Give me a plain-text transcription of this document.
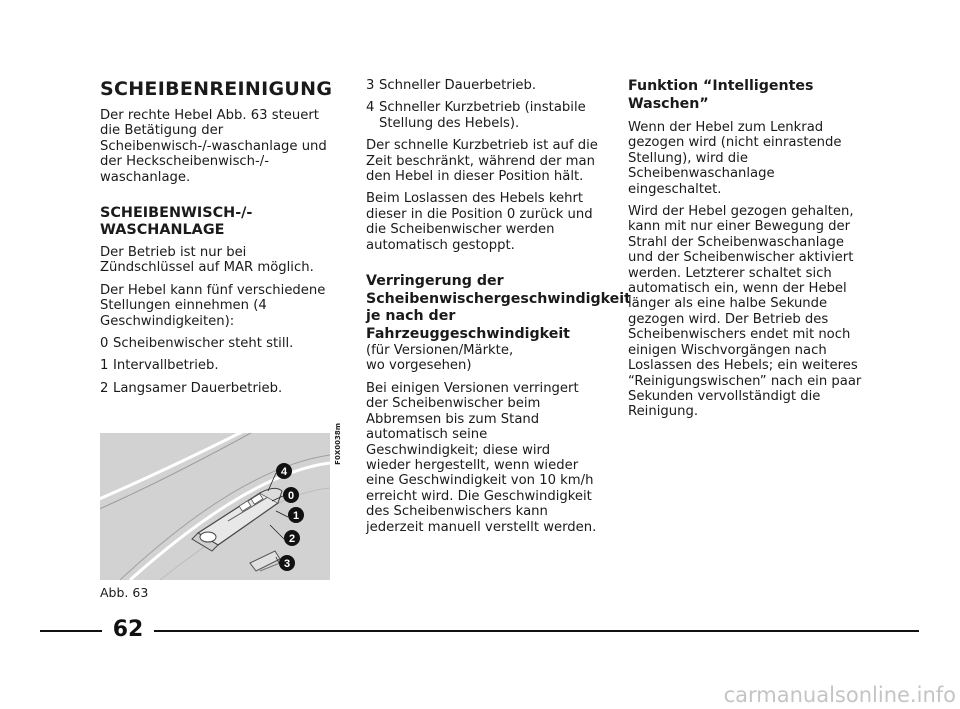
SCHEIBENREINIGUNG

Der rechte Hebel Abb. 63 steuert die Betätigung der Scheibenwisch-/-waschanlage und der Heckscheibenwisch-/-waschanlage.

SCHEIBENWISCH-/-WASCHANLAGE

Der Betrieb ist nur bei Zündschlüssel auf MAR möglich.

Der Hebel kann fünf verschiedene Stellungen einnehmen (4 Geschwindigkeiten):

0 Scheibenwischer steht still.
1 Intervallbetrieb.
2 Langsamer Dauerbetrieb.
3 Schneller Dauerbetrieb.
4 Schneller Kurzbetrieb (instabile Stellung des Hebels).

Der schnelle Kurzbetrieb ist auf die Zeit beschränkt, während der man den Hebel in dieser Position hält.

Beim Loslassen des Hebels kehrt dieser in die Position 0 zurück und die Scheibenwischer werden automatisch gestoppt.

Verringerung der Scheibenwischergeschwindigkeit je nach der Fahrzeuggeschwindigkeit
(für Versionen/Märkte,
wo vorgesehen)

Bei einigen Versionen verringert der Scheibenwischer beim Abbremsen bis zum Stand automatisch seine Geschwindigkeit; diese wird wieder hergestellt, wenn wieder eine Geschwindigkeit von 10 km/h erreicht wird. Die Geschwindigkeit des Scheibenwischers kann jederzeit manuell verstellt werden.

Funktion “Intelligentes Waschen”

Wenn der Hebel zum Lenkrad gezogen wird (nicht einrastende Stellung), wird die Scheibenwaschanlage eingeschaltet.

Wird der Hebel gezogen gehalten, kann mit nur einer Bewegung der Strahl der Scheibenwaschanlage und der Scheibenwischer aktiviert werden. Letzterer schaltet sich automatisch ein, wenn der Hebel länger als eine halbe Sekunde gezogen wird. Der Betrieb des Scheibenwischers endet mit noch einigen Wischvorgängen nach Loslassen des Hebels; ein weiteres “Reinigungswischen” nach ein paar Sekunden vervollständigt die Reinigung.

4
0
1
2
3
F0X0038m
Abb. 63
62
carmanualsonline.info
